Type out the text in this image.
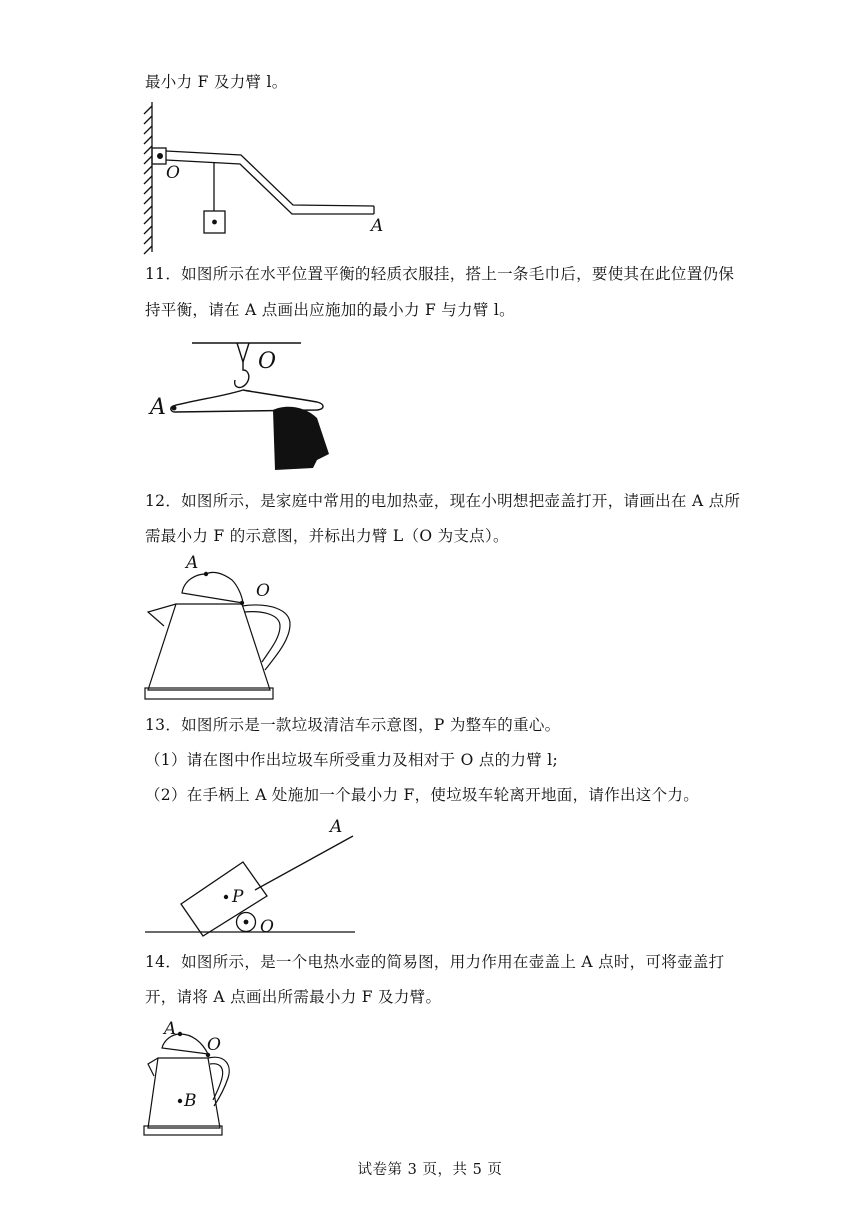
最小力 F 及力臂 l。
O
A
11．如图所示在水平位置平衡的轻质衣服挂，搭上一条毛巾后，要使其在此位置仍保
持平衡，请在 A 点画出应施加的最小力 F 与力臂 l。
O
A
12．如图所示，是家庭中常用的电加热壶，现在小明想把壶盖打开，请画出在 A 点所
需最小力 F 的示意图，并标出力臂 L（O 为支点）。
A
O
13．如图所示是一款垃圾清洁车示意图，P 为整车的重心。
（1）请在图中作出垃圾车所受重力及相对于 O 点的力臂 l;
（2）在手柄上 A 处施加一个最小力 F，使垃圾车轮离开地面，请作出这个力。
A
P
O
14．如图所示，是一个电热水壶的简易图，用力作用在壶盖上 A 点时，可将壶盖打
开，请将 A 点画出所需最小力 F 及力臂。
A
O
B
试卷第 3 页，共 5 页
